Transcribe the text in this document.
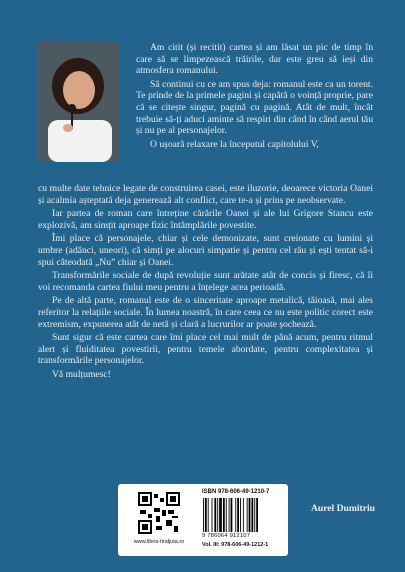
Am citit (și recitit) cartea și am lăsat un pic de timp în care să se limpezească trăirile, dar este greu să ieși din atmosfera romanului.

Să continui cu ce am spus deja: romanul este ca un torent. Te prinde de la primele pagini și capătă o voință proprie, pare că se citește singur, pagină cu pagină. Atât de mult, încât trebuie să-ți aduci aminte să respiri din când în când aerul tău și nu pe al personajelor.

O ușoară relaxare la începutul capitolului V,

cu multe date tehnice legate de construirea casei, este iluzorie, deoarece victoria Oanei și acalmia așteptată deja generează alt conflict, care te-a și prins pe neobservate.

Iar partea de roman care întreține cărările Oanei și ale lui Grigore Stancu este explozivă, am simțit aproape fizic întâmplările povestite.

Îmi place că personajele, chiar și cele demonizate, sunt creionate cu lumini și umbre (adânci, uneori), că simți pe alocuri simpatie și pentru cel rău și ești tentat să-i spui câteodată „Nu” chiar și Oanei.

Transformările sociale de după revoluție sunt arătate atât de concis și firesc, că îi voi recomanda cartea fiului meu pentru a înțelege acea perioadă.

Pe de altă parte, romanul este de o sinceritate aproape metalică, tăioasă, mai ales referitor la relațiile sociale. În lumea noastră, în care ceea ce nu este politic corect este extremism, expunerea atât de netă și clară a lucrurilor ar poate șocheazã.

Sunt sigur că este cartea care îmi place cel mai mult de până acum, pentru ritmul alert și fluiditatea povestirii, pentru temele abordate, pentru complexitatea și transformările personajelor.

Vă mulțumesc!

Aurel Dumitriu
www.libris-tiraljuta.ro
ISBN 978-606-49-1210-7
9 786064 912107
Vol. III: 978-606-49-1212-1
